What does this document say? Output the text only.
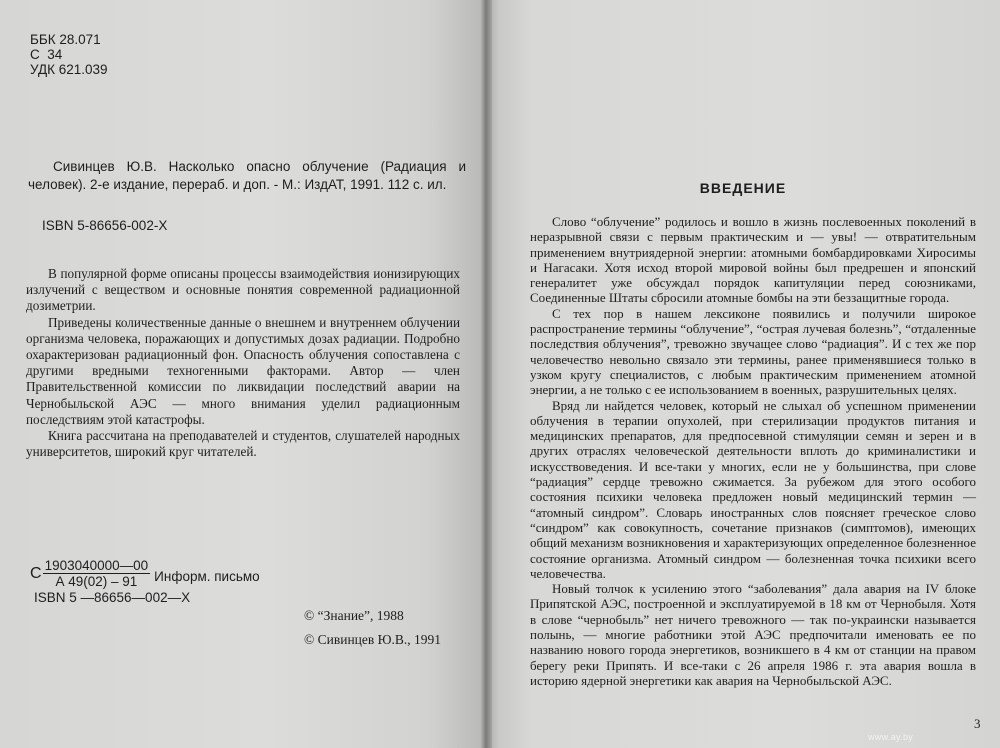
ББК 28.071
С  34
УДК 621.039
Сивинцев Ю.В. Насколько опасно облучение (Радиация и человек). 2-е издание, перераб. и доп. - М.: ИздАТ, 1991. 112 с. ил.
ISBN 5-86656-002-X

В популярной форме описаны процессы взаимодействия ионизирующих излучений с веществом и основные понятия современной радиационной дозиметрии.

Приведены количественные данные о внешнем и внутреннем облучении организма человека, поражающих и допустимых дозах радиации. Подробно охарактеризован радиационный фон. Опасность облучения сопоставлена с другими вредными техногенными факторами. Автор — член Правительственной комиссии по ликвидации последствий аварии на Чернобыльской АЭС — много внимания уделил радиационным последствиям этой катастрофы.

Книга рассчитана на преподавателей и студентов, слушателей народных университетов, широкий круг читателей.

С $\frac{1903040000—00}{А 49(02) - 91}$ Информ. письмо
ISBN 5 —86656—002—Х
© “Знание”, 1988
© Сивинцев Ю.В., 1991
ВВЕДЕНИЕ

Слово “облучение” родилось и вошло в жизнь послевоенных поколений в неразрывной связи с первым практическим и — увы! — отвратительным применением внутриядерной энергии: атомными бомбардировками Хиросимы и Нагасаки. Хотя исход второй мировой войны был предрешен и японский генералитет уже обсуждал порядок капитуляции перед союзниками, Соединенные Штаты сбросили атомные бомбы на эти беззащитные города.

С тех пор в нашем лексиконе появились и получили широкое распространение термины “облучение”, “острая лучевая болезнь”, “отдаленные последствия облучения”, тревожно звучащее слово “радиация”. И с тех же пор человечество невольно связало эти термины, ранее применявшиеся только в узком кругу специалистов, с любым практическим применением атомной энергии, а не только с ее использованием в военных, разрушительных целях.

Вряд ли найдется человек, который не слыхал об успешном применении облучения в терапии опухолей, при стерилизации продуктов питания и медицинских препаратов, для предпосевной стимуляции семян и зерен и в других отраслях человеческой деятельности вплоть до криминалистики и искусствоведения. И все-таки у многих, если не у большинства, при слове “радиация” сердце тревожно сжимается. За рубежом для этого особого состояния психики человека предложен новый медицинский термин — “атомный синдром”. Словарь иностранных слов поясняет греческое слово “синдром” как совокупность, сочетание признаков (симптомов), имеющих общий механизм возникновения и характеризующих определенное болезненное состояние организма. Атомный синдром — болезненная точка психики всего человечества.

Новый толчок к усилению этого “заболевания” дала авария на IV блоке Припятской АЭС, построенной и эксплуатируемой в 18 км от Чернобыля. Хотя в слове “чернобыль” нет ничего тревожного — так по-украински называется полынь, — многие работники этой АЭС предпочитали именовать ее по названию нового города энергетиков, возникшего в 4 км от станции на правом берегу реки Припять. И все-таки с 26 апреля 1986 г. эта авария вошла в историю ядерной энергетики как авария на Чернобыльской АЭС.

3
www.ay.by
